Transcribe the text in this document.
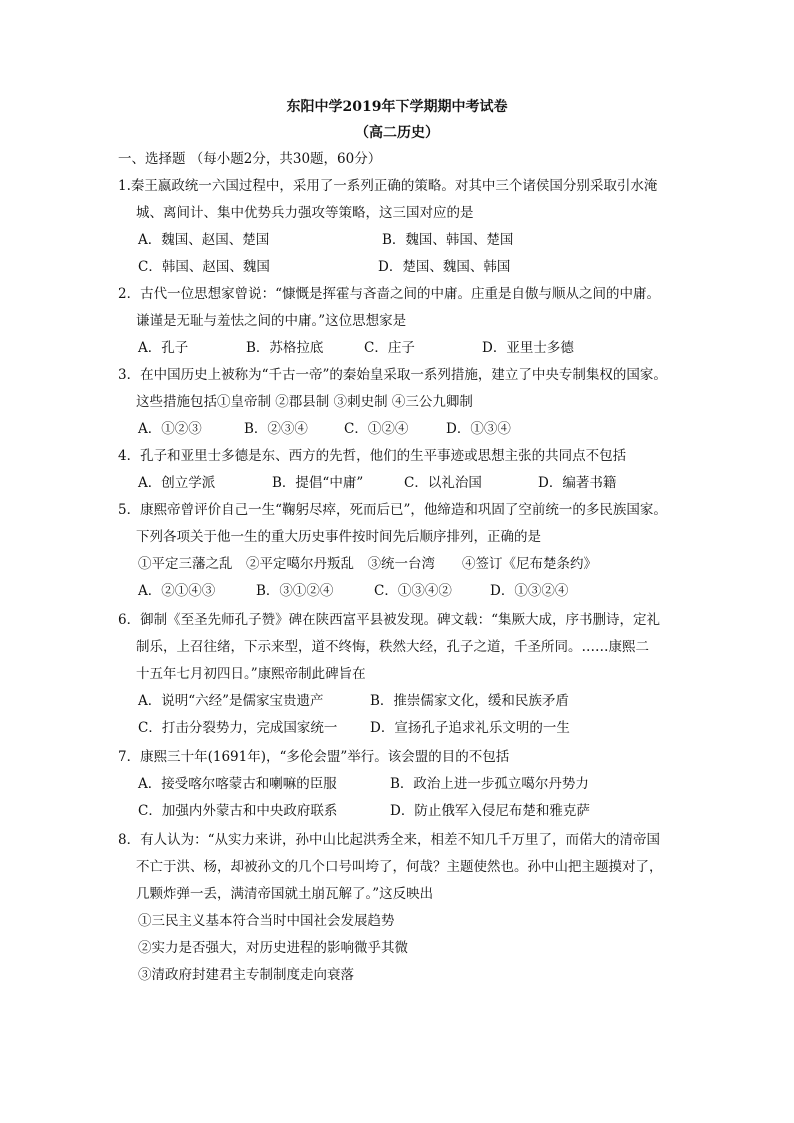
东阳中学2019年下学期期中考试卷
（高二历史）
一、选择题 （每小题2分，共30题，60分）
1.秦王嬴政统一六国过程中，采用了一系列正确的策略。对其中三个诸侯国分别采取引水淹
城、离间计、集中优势兵力强攻等策略，这三国对应的是
A．魏国、赵国、楚国	B．魏国、韩国、楚国
C．韩国、赵国、魏国	D．楚国、魏国、韩国
2．古代一位思想家曾说：“慷慨是挥霍与吝啬之间的中庸。庄重是自傲与顺从之间的中庸。
谦谨是无耻与羞怯之间的中庸。”这位思想家是
A．孔子	B．苏格拉底	C．庄子	D．亚里士多德
3．在中国历史上被称为“千古一帝”的秦始皇采取一系列措施，建立了中央专制集权的国家。
这些措施包括①皇帝制 ②郡县制 ③刺史制 ④三公九卿制
A．①②③	B．②③④	C．①②④	D．①③④
4．孔子和亚里士多德是东、西方的先哲，他们的生平事迹或思想主张的共同点不包括
A．创立学派	B．提倡“中庸”	C．以礼治国	D．编著书籍
5．康熙帝曾评价自己一生“鞠躬尽瘁，死而后已”，他缔造和巩固了空前统一的多民族国家。
下列各项关于他一生的重大历史事件按时间先后顺序排列，正确的是
①平定三藩之乱　②平定噶尔丹叛乱　③统一台湾　　④签订《尼布楚条约》
A．②①④③	B．③①②④	C．①③④②	D．①③②④
6．御制《至圣先师孔子赞》碑在陕西富平县被发现。碑文载：“集厥大成，序书删诗，定礼
制乐，上召往绪，下示来型，道不终悔，秩然大经，孔子之道，千圣所同。……康熙二
十五年七月初四日。”康熙帝制此碑旨在
A．说明“六经”是儒家宝贵遗产	B．推崇儒家文化，缓和民族矛盾
C．打击分裂势力，完成国家统一 D．宣扬孔子追求礼乐文明的一生
7．康熙三十年(1691年)，“多伦会盟”举行。该会盟的目的不包括
A．接受喀尔喀蒙古和喇嘛的臣服	B．政治上进一步孤立噶尔丹势力
C．加强内外蒙古和中央政府联系	D．防止俄军入侵尼布楚和雅克萨
8．有人认为：“从实力来讲，孙中山比起洪秀全来，相差不知几千万里了，而偌大的清帝国
不亡于洪、杨，却被孙文的几个口号叫垮了，何哉？主题使然也。孙中山把主题摸对了，
几颗炸弹一丢，满清帝国就土崩瓦解了。”这反映出
①三民主义基本符合当时中国社会发展趋势
②实力是否强大，对历史进程的影响微乎其微
③清政府封建君主专制制度走向衰落
